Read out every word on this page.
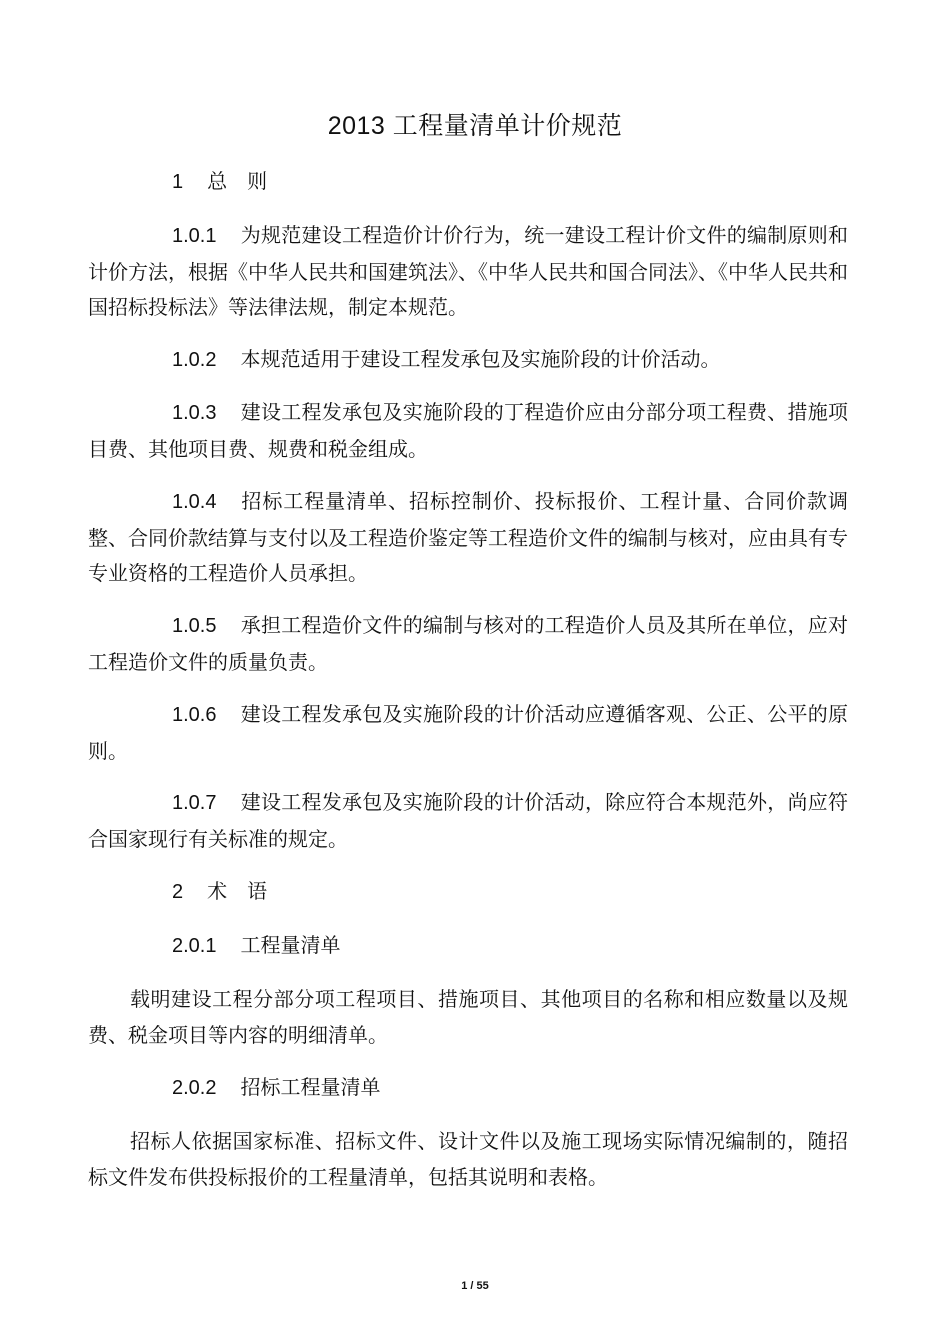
2013 工程量清单计价规范
1 总　则
1.0.1 为规范建设工程造价计价行为，统一建设工程计价文件的编制原则和计价方法，根据《中华人民共和国建筑法》、《中华人民共和国合同法》、《中华人民共和国招标投标法》等法律法规，制定本规范。
1.0.2 本规范适用于建设工程发承包及实施阶段的计价活动。
1.0.3 建设工程发承包及实施阶段的丁程造价应由分部分项工程费、措施项目费、其他项目费、规费和税金组成。
1.0.4 招标工程量清单、招标控制价、投标报价、工程计量、合同价款调整、合同价款结算与支付以及工程造价鉴定等工程造价文件的编制与核对，应由具有专专业资格的工程造价人员承担。
1.0.5 承担工程造价文件的编制与核对的工程造价人员及其所在单位，应对工程造价文件的质量负责。
1.0.6 建设工程发承包及实施阶段的计价活动应遵循客观、公正、公平的原则。
1.0.7 建设工程发承包及实施阶段的计价活动，除应符合本规范外，尚应符合国家现行有关标准的规定。
2 术　语
2.0.1 工程量清单
载明建设工程分部分项工程项目、措施项目、其他项目的名称和相应数量以及规费、税金项目等内容的明细清单。
2.0.2 招标工程量清单
招标人依据国家标准、招标文件、设计文件以及施工现场实际情况编制的，随招标文件发布供投标报价的工程量清单，包括其说明和表格。
1 / 55
